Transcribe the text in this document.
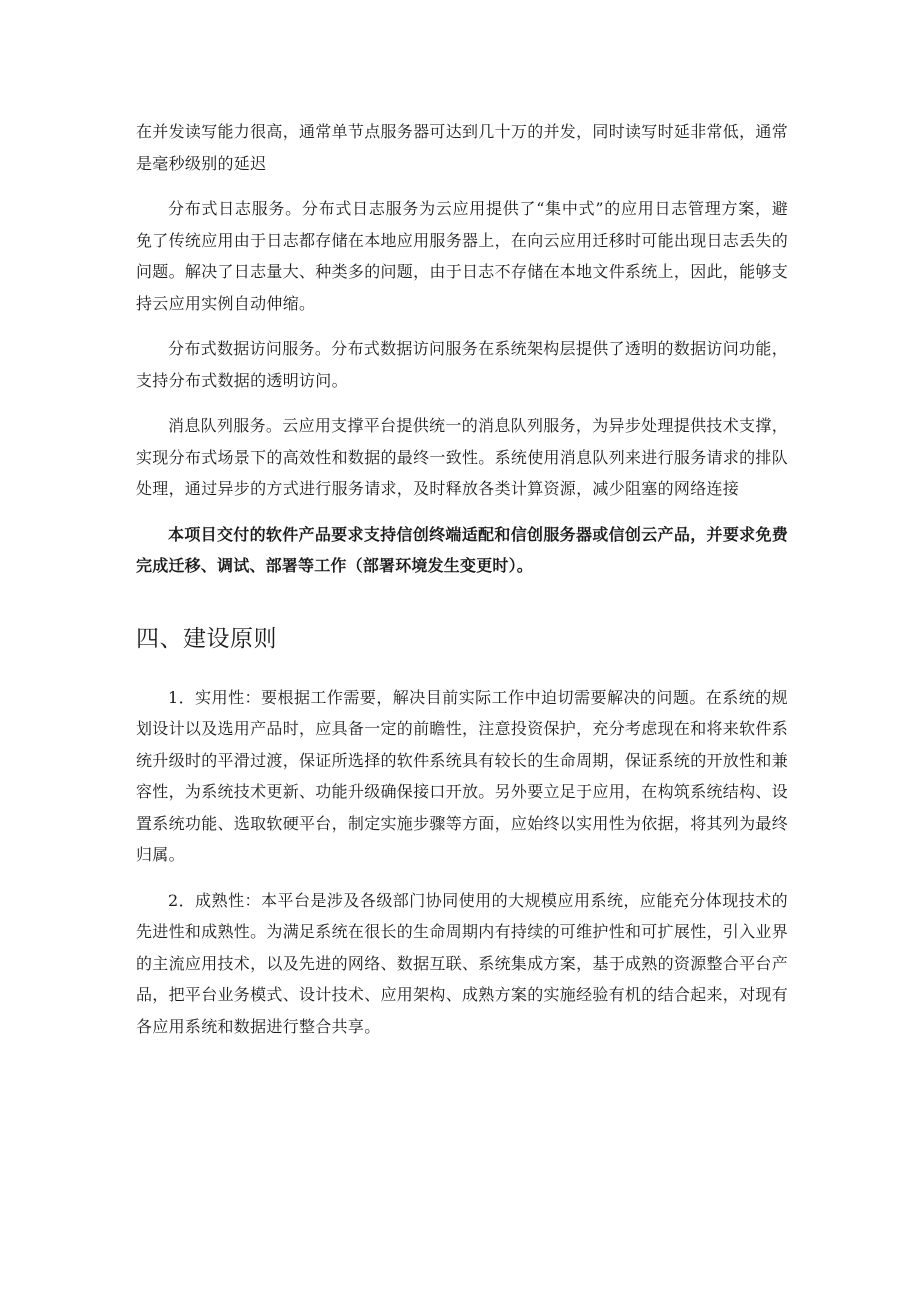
在并发读写能力很高，通常单节点服务器可达到几十万的并发，同时读写时延非常低，通常是毫秒级别的延迟

分布式日志服务。分布式日志服务为云应用提供了“集中式”的应用日志管理方案，避免了传统应用由于日志都存储在本地应用服务器上，在向云应用迁移时可能出现日志丢失的问题。解决了日志量大、种类多的问题，由于日志不存储在本地文件系统上，因此，能够支持云应用实例自动伸缩。

分布式数据访问服务。分布式数据访问服务在系统架构层提供了透明的数据访问功能，支持分布式数据的透明访问。

消息队列服务。云应用支撑平台提供统一的消息队列服务，为异步处理提供技术支撑，实现分布式场景下的高效性和数据的最终一致性。系统使用消息队列来进行服务请求的排队处理，通过异步的方式进行服务请求，及时释放各类计算资源，减少阻塞的网络连接

本项目交付的软件产品要求支持信创终端适配和信创服务器或信创云产品，并要求免费完成迁移、调试、部署等工作（部署环境发生变更时）。

四、建设原则

1．实用性：要根据工作需要，解决目前实际工作中迫切需要解决的问题。在系统的规划设计以及选用产品时，应具备一定的前瞻性，注意投资保护，充分考虑现在和将来软件系统升级时的平滑过渡，保证所选择的软件系统具有较长的生命周期，保证系统的开放性和兼容性，为系统技术更新、功能升级确保接口开放。另外要立足于应用，在构筑系统结构、设置系统功能、选取软硬平台，制定实施步骤等方面，应始终以实用性为依据，将其列为最终归属。

2．成熟性：本平台是涉及各级部门协同使用的大规模应用系统，应能充分体现技术的先进性和成熟性。为满足系统在很长的生命周期内有持续的可维护性和可扩展性，引入业界的主流应用技术，以及先进的网络、数据互联、系统集成方案，基于成熟的资源整合平台产品，把平台业务模式、设计技术、应用架构、成熟方案的实施经验有机的结合起来，对现有各应用系统和数据进行整合共享。
